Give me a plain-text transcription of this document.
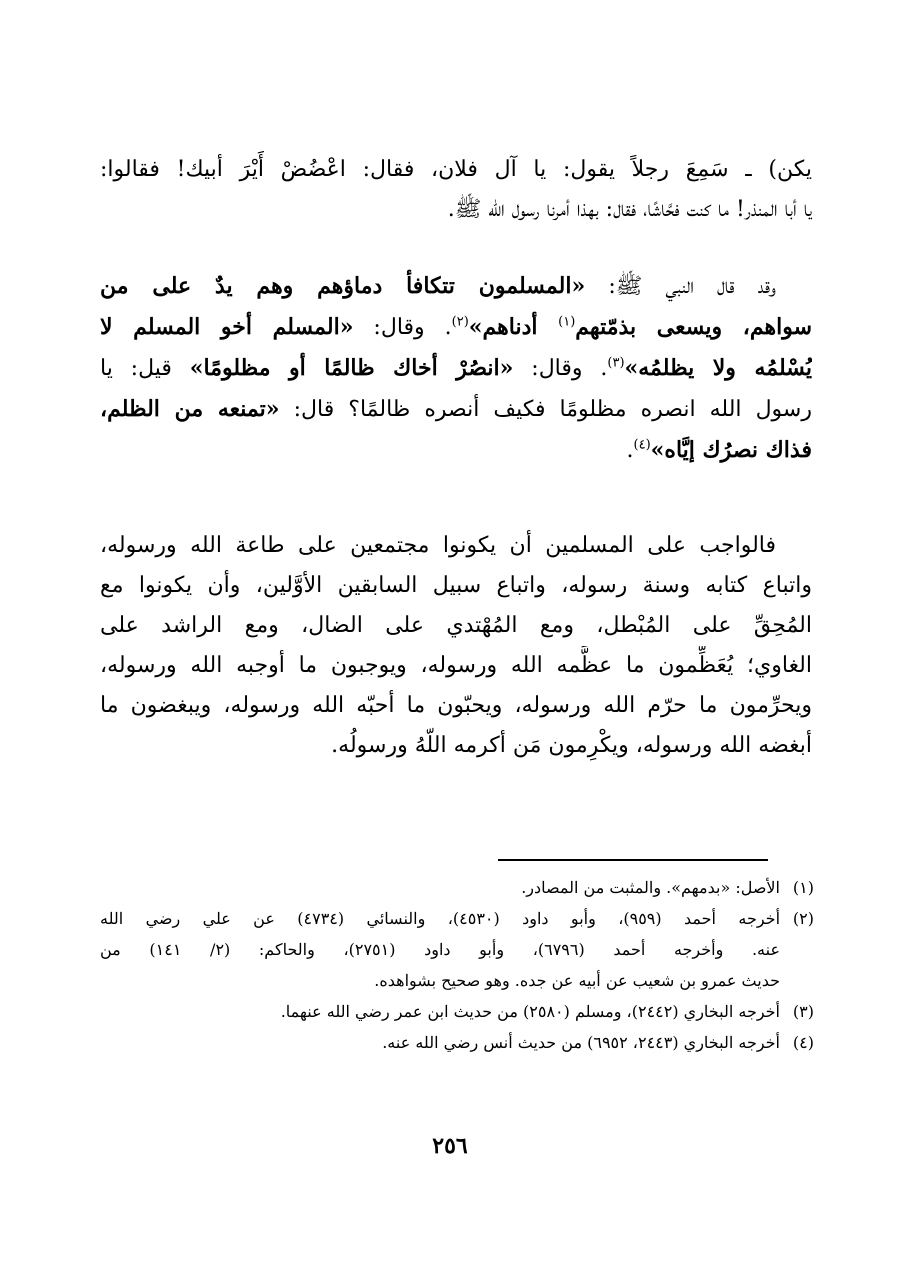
يكن) ـ سَمِعَ رجلاً يقول: يا آل فلان، فقال: اعْضُضْ أَيْرَ أبيك! فقالوا:
يا أبا المنذر! ما كنت فحَّاشًا، فقال: بهذا أمرنا رسول الله ﷺ.
وقد قال النبي ﷺ: «المسلمون تتكافأ دماؤهم وهم يدٌ على من
سواهم، ويسعى بذمّتهم$^{(١)}$ أدناهم»$^{(٢)}$. وقال: «المسلم أخو المسلم لا
يُسْلمُه ولا يظلمُه»$^{(٣)}$. وقال: «انصُرْ أخاك ظالمًا أو مظلومًا» قيل: يا
رسول الله انصره مظلومًا فكيف أنصره ظالمًا؟ قال: «تمنعه من الظلم،
فذاك نصرُك إيَّاه»$^{(٤)}$.
فالواجب على المسلمين أن يكونوا مجتمعين على طاعة الله ورسوله،
واتباع كتابه وسنة رسوله، واتباع سبيل السابقين الأوَّلين، وأن يكونوا مع
المُحِقِّ على المُبْطل، ومع المُهْتدي على الضال، ومع الراشد على
الغاوي؛ يُعَظِّمون ما عظَّمه الله ورسوله، ويوجبون ما أوجبه الله ورسوله،
ويحرِّمون ما حرّم الله ورسوله، ويحبّون ما أحبّه الله ورسوله، ويبغضون ما
أبغضه الله ورسوله، ويكْرِمون مَن أكرمه اللّهُ ورسولُه.
(١)
الأصل: «بدمهم». والمثبت من المصادر.
(٢)
أخرجه أحمد (٩٥٩)، وأبو داود (٤٥٣٠)، والنسائي (٤٧٣٤) عن علي رضي الله
عنه. وأخرجه أحمد (٦٧٩٦)، وأبو داود (٢٧٥١)، والحاكم: (٢/ ١٤١) من
حديث عمرو بن شعيب عن أبيه عن جده. وهو صحيح بشواهده.
(٣)
أخرجه البخاري (٢٤٤٢)، ومسلم (٢٥٨٠) من حديث ابن عمر رضي الله عنهما.
(٤)
أخرجه البخاري (٢٤٤٣، ٦٩٥٢) من حديث أنس رضي الله عنه.
٢٥٦
